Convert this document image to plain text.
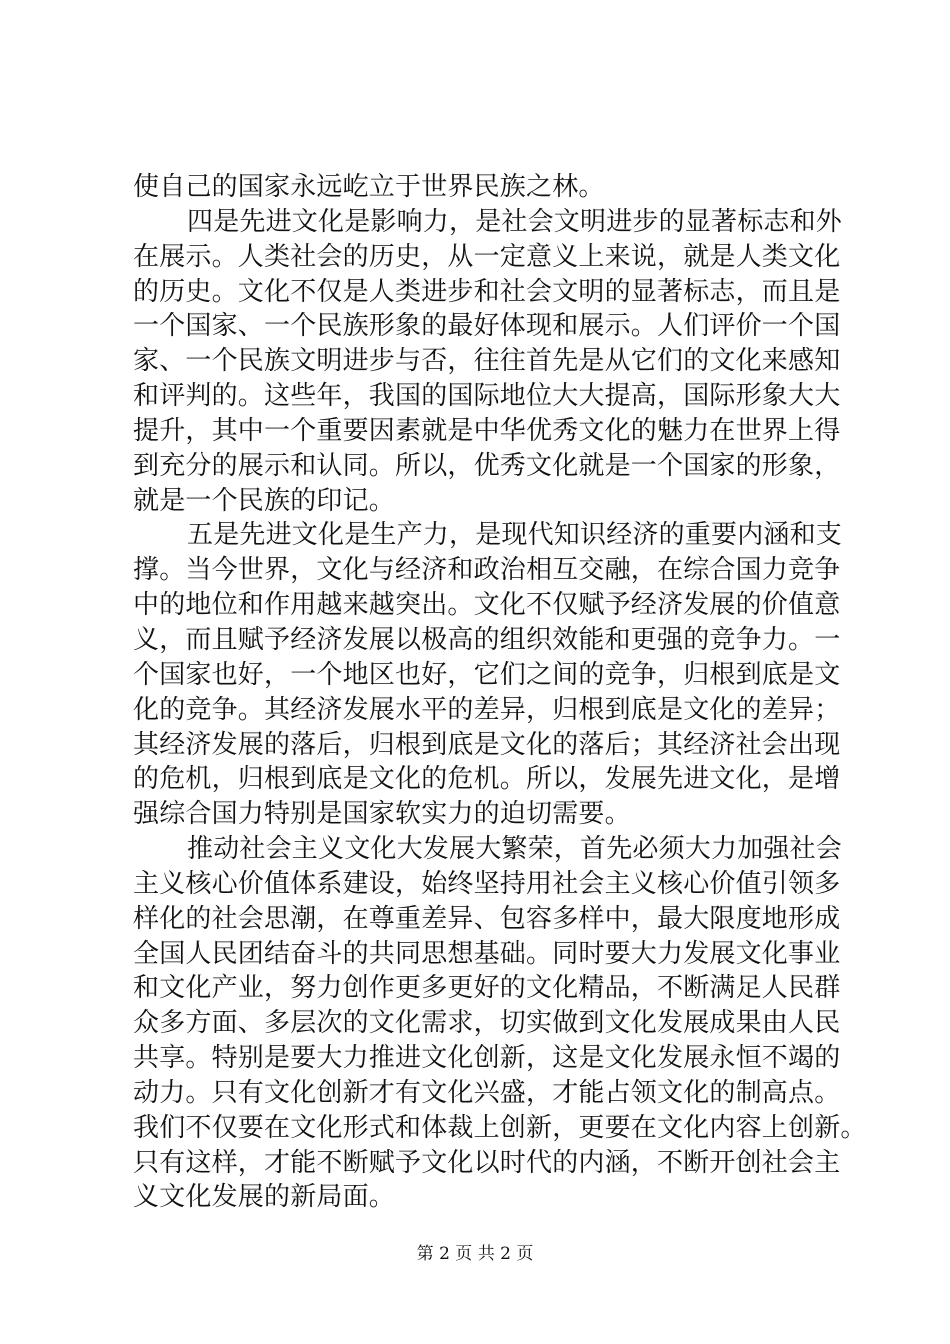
使自己的国家永远屹立于世界民族之林。
四是先进文化是影响力，是社会文明进步的显著标志和外
在展示。人类社会的历史，从一定意义上来说，就是人类文化
的历史。文化不仅是人类进步和社会文明的显著标志，而且是
一个国家、一个民族形象的最好体现和展示。人们评价一个国
家、一个民族文明进步与否，往往首先是从它们的文化来感知
和评判的。这些年，我国的国际地位大大提高，国际形象大大
提升，其中一个重要因素就是中华优秀文化的魅力在世界上得
到充分的展示和认同。所以，优秀文化就是一个国家的形象，
就是一个民族的印记。
五是先进文化是生产力，是现代知识经济的重要内涵和支
撑。当今世界，文化与经济和政治相互交融，在综合国力竞争
中的地位和作用越来越突出。文化不仅赋予经济发展的价值意
义，而且赋予经济发展以极高的组织效能和更强的竞争力。一
个国家也好，一个地区也好，它们之间的竞争，归根到底是文
化的竞争。其经济发展水平的差异，归根到底是文化的差异；
其经济发展的落后，归根到底是文化的落后；其经济社会出现
的危机，归根到底是文化的危机。所以，发展先进文化，是增
强综合国力特别是国家软实力的迫切需要。
推动社会主义文化大发展大繁荣，首先必须大力加强社会
主义核心价值体系建设，始终坚持用社会主义核心价值引领多
样化的社会思潮，在尊重差异、包容多样中，最大限度地形成
全国人民团结奋斗的共同思想基础。同时要大力发展文化事业
和文化产业，努力创作更多更好的文化精品，不断满足人民群
众多方面、多层次的文化需求，切实做到文化发展成果由人民
共享。特别是要大力推进文化创新，这是文化发展永恒不竭的
动力。只有文化创新才有文化兴盛，才能占领文化的制高点。
我们不仅要在文化形式和体裁上创新，更要在文化内容上创新。
只有这样，才能不断赋予文化以时代的内涵，不断开创社会主
义文化发展的新局面。
第 2 页 共 2 页
